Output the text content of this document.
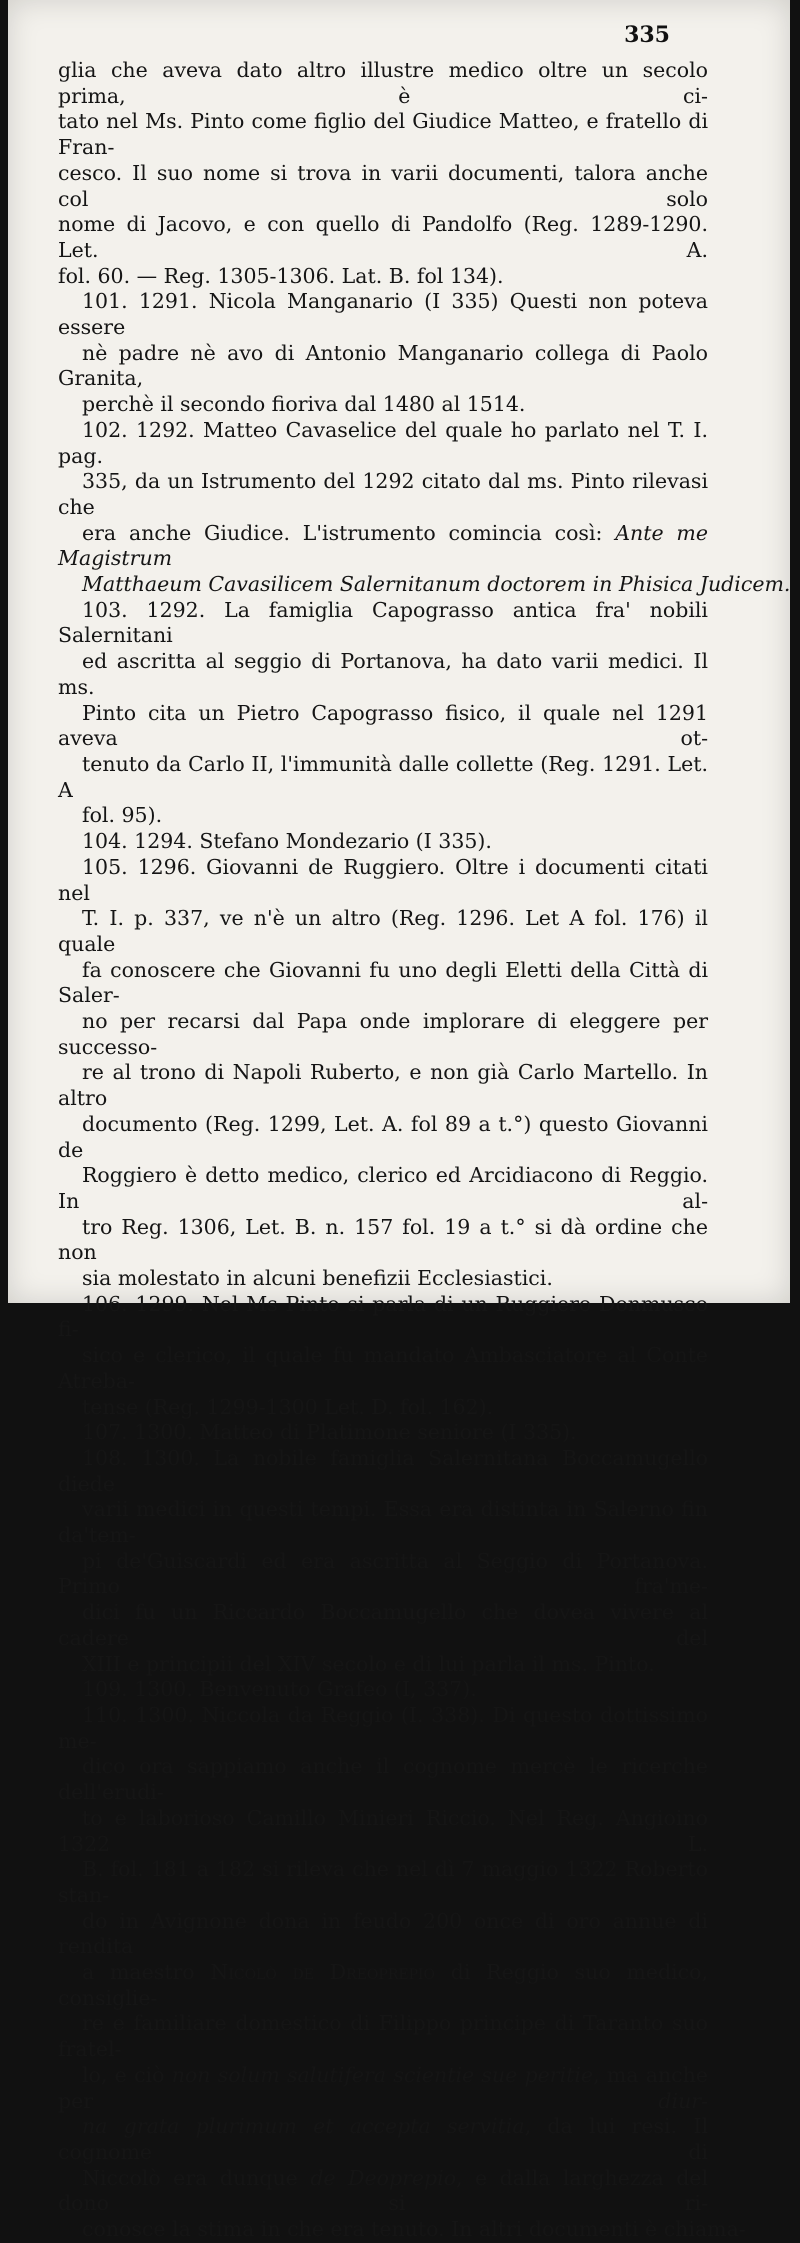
335
glia che aveva dato altro illustre medico oltre un secolo prima, è ci-
tato nel Ms. Pinto come figlio del Giudice Matteo, e fratello di Fran-
cesco. Il suo nome si trova in varii documenti, talora anche col solo
nome di Jacovo, e con quello di Pandolfo (Reg. 1289-1290. Let. A.
fol. 60. — Reg. 1305-1306. Lat. B. fol 134).
101. 1291. Nicola Manganario (I 335) Questi non poteva essere
nè padre nè avo di Antonio Manganario collega di Paolo Granita,
perchè il secondo fioriva dal 1480 al 1514.
102. 1292. Matteo Cavaselice del quale ho parlato nel T. I. pag.
335, da un Istrumento del 1292 citato dal ms. Pinto rilevasi che
era anche Giudice. L'istrumento comincia così: Ante me Magistrum
Matthaeum Cavasilicem Salernitanum doctorem in Phisica Judicem.
103. 1292. La famiglia Capograsso antica fra' nobili Salernitani
ed ascritta al seggio di Portanova, ha dato varii medici. Il ms.
Pinto cita un Pietro Capograsso fisico, il quale nel 1291 aveva ot-
tenuto da Carlo II, l'immunità dalle collette (Reg. 1291. Let. A
fol. 95).
104. 1294. Stefano Mondezario (I 335).
105. 1296. Giovanni de Ruggiero. Oltre i documenti citati nel
T. I. p. 337, ve n'è un altro (Reg. 1296. Let A fol. 176) il quale
fa conoscere che Giovanni fu uno degli Eletti della Città di Saler-
no per recarsi dal Papa onde implorare di eleggere per successo-
re al trono di Napoli Ruberto, e non già Carlo Martello. In altro
documento (Reg. 1299, Let. A. fol 89 a t.°) questo Giovanni de
Roggiero è detto medico, clerico ed Arcidiacono di Reggio. In al-
tro Reg. 1306, Let. B. n. 157 fol. 19 a t.° si dà ordine che non
sia molestato in alcuni benefizii Ecclesiastici.
106. 1299. Nel Ms Pinto si parla di un Ruggiero Donmusco fi-
sico e clerico, il quale fu mandato Ambasciatore al Conte Atreba-
tense (Reg. 1299-1300 Let. D. fol. 162).
107. 1300. Matteo di Platimone seniore (I 335).
108. 1300. La nobile famiglia Salernitana Boccamugello diede
varii medici in questi tempi. Essa era distinta in Salerno fin da'tem-
pi de'Guiscardi ed era ascritta al Seggio di Portanova. Primo fra'me-
dici fu un Riccardo Boccamugello che dovea vivere al cadere del
XIII e principii del XIV secolo e di lui parla il ms. Pinto.
109. 1300. Benvenuto Grafeo (I, 337).
110. 1300. Niccola da Reggio (I. 338). Di questo dottissimo me-
dico ora sappiamo anche il cognome mercè le ricerche dell'erudi-
to e laborioso Camillo Minieri Riccio. Nel Reg. Angioino 1322 L.
B. fol. 181 a 182 si rileva che nel dì 7 maggio 1322 Roberto stan-
do in Avignone dona in feudo 200 once di oro annue di rendita
a maestro Nicolò de Dreoprepio di Reggio suo medico, consiglie-
re e familiare domestico di Filippo principe di Taranto suo fratel-
lo, e ciò non solum salutifera scientie sue peritie, ma anche per diur-
na grata plurimum et accepta servitia, da lui resi. Il cognome di
Niccolò era dunque de Deoprepio, e dalla larghezza del dono si ri-
conosce la stima in che era tenuto. In altri documenti è chiama-
